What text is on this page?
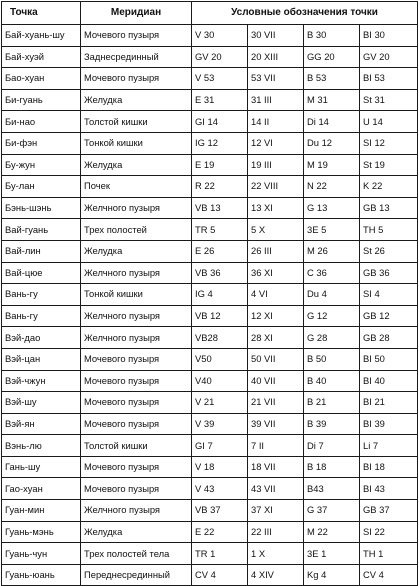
Точка	Меридиан	Условные обозначения точки			
Бай-хуань-шу	Мочевого пузыря	V 30	30 VII	B 30	BI 30
Бай-хуэй	Заднесрединный	GV 20	20 XIII	GG 20	GV 20
Бао-хуан	Мочевого пузыря	V 53	53 VII	B 53	BI 53
Би-гуань	Желудка	E 31	31 III	M 31	St 31
Би-нао	Толстой кишки	GI 14	14 II	Di 14	U 14
Би-фэн	Тонкой кишки	IG 12	12 VI	Du 12	SI 12
Бу-жун	Желудка	E 19	19 III	M 19	St 19
Бу-лан	Почек	R 22	22 VIII	N 22	K 22
Бэнь-шэнь	Желчного пузыря	VB 13	13 XI	G 13	GB 13
Вай-гуань	Трех полостей	TR 5	5 X	3E 5	TH 5
Вай-лин	Желудка	E 26	26 III	M 26	St 26
Вай-цюе	Желчного пузыря	VB 36	36 XI	C 36	GB 36
Вань-гу	Тонкой кишки	IG 4	4 VI	Du 4	SI 4
Вань-гу	Желчного пузыря	VB 12	12 XI	G 12	GB 12
Вэй-дао	Желчного пузыря	VB28	28 XI	G 28	GB 28
Вэй-цан	Мочевого пузыря	V50	50 VII	B 50	BI 50
Вэй-чжун	Мочевого пузыря	V40	40 VII	B 40	BI 40
Вэй-шу	Мочевого пузыря	V 21	21 VII	B 21	BI 21
Вэй-ян	Мочевого пузыря	V 39	39 VII	B 39	BI 39
Вэнь-лю	Толстой кишки	GI 7	7 II	Di 7	Li 7
Гань-шу	Мочевого пузыря	V 18	18 VII	B 18	BI 18
Гао-хуан	Мочевого пузыря	V 43	43 VII	B43	BI 43
Гуан-мин	Желчного пузыря	VB 37	37 XI	G 37	GB 37
Гуань-мэнь	Желудка	E 22	22 III	M 22	SI 22
Гуань-чун	Трех полостей тела	TR 1	1 X	3E 1	TH 1
Гуань-юань	Переднесрединный	CV 4	4 XIV	Kg 4	CV 4
